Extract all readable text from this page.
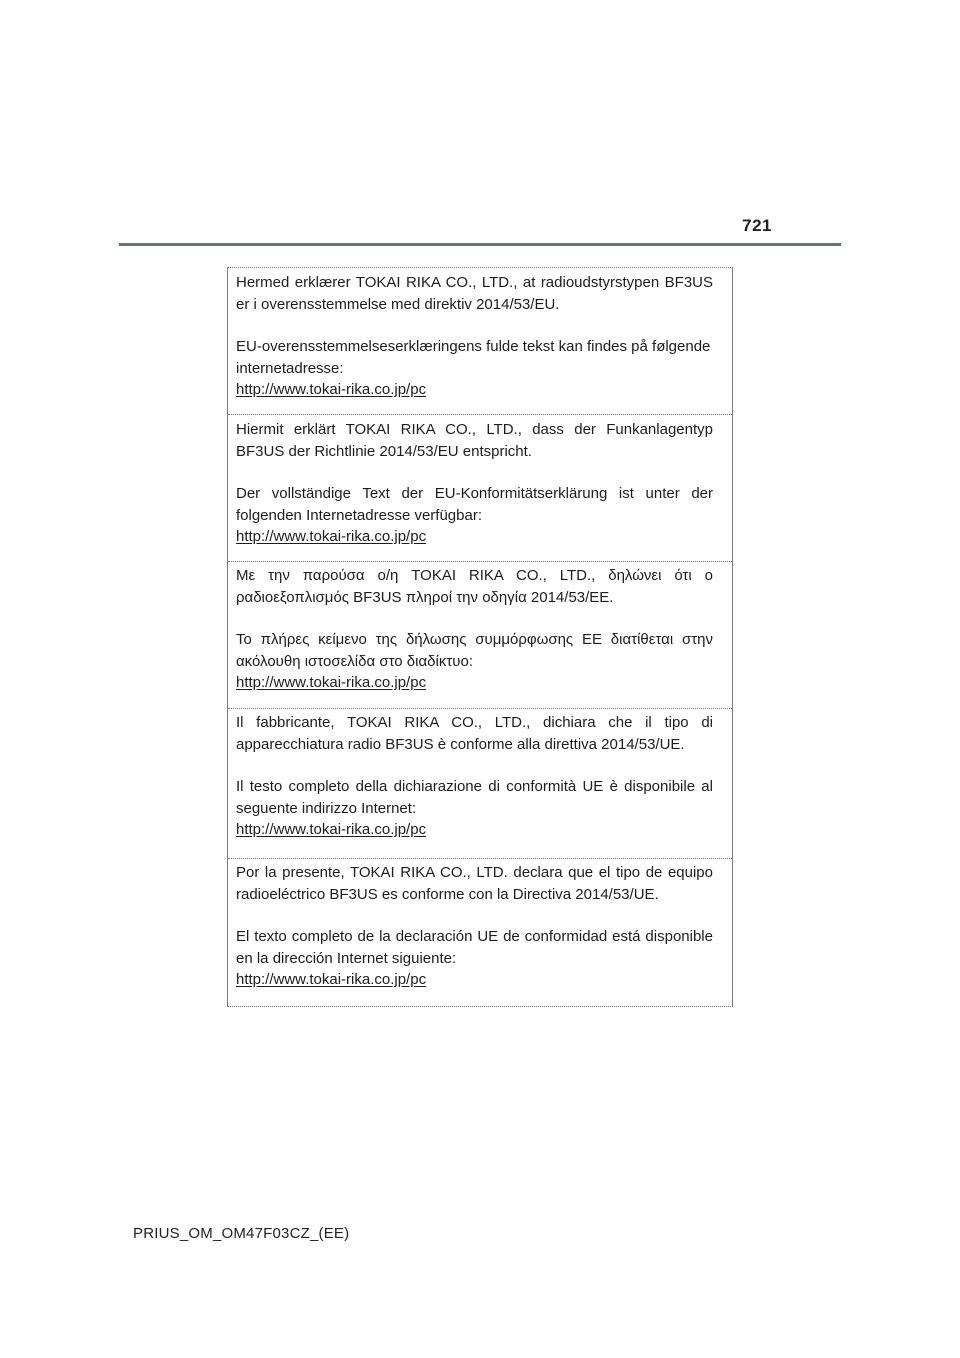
721

Hermed erklærer TOKAI RIKA CO., LTD., at radioudstyrstypen BF3US er i overensstemmelse med direktiv 2014/53/EU.

EU-overensstemmelseserklæringens fulde tekst kan findes på følgende internetadresse:

http://www.tokai-rika.co.jp/pc

Hiermit erklärt TOKAI RIKA CO., LTD., dass der Funkanlagentyp BF3US der Richtlinie 2014/53/EU entspricht.

Der vollständige Text der EU-Konformitätserklärung ist unter der folgenden Internetadresse verfügbar:

http://www.tokai-rika.co.jp/pc

Με την παρούσα ο/η TOKAI RIKA CO., LTD., δηλώνει ότι ο ραδιοεξοπλισμός BF3US πληροί την οδηγία 2014/53/ΕΕ.

Το πλήρες κείμενο της δήλωσης συμμόρφωσης ΕΕ διατίθεται στην ακόλουθη ιστοσελίδα στο διαδίκτυο:

http://www.tokai-rika.co.jp/pc

Il fabbricante, TOKAI RIKA CO., LTD., dichiara che il tipo di apparecchiatura radio BF3US è conforme alla direttiva 2014/53/UE.

Il testo completo della dichiarazione di conformità UE è disponibile al seguente indirizzo Internet:

http://www.tokai-rika.co.jp/pc

Por la presente, TOKAI RIKA CO., LTD. declara que el tipo de equipo radioeléctrico BF3US es conforme con la Directiva 2014/53/UE.

El texto completo de la declaración UE de conformidad está disponible en la dirección Internet siguiente:

http://www.tokai-rika.co.jp/pc
PRIUS_OM_OM47F03CZ_(EE)
